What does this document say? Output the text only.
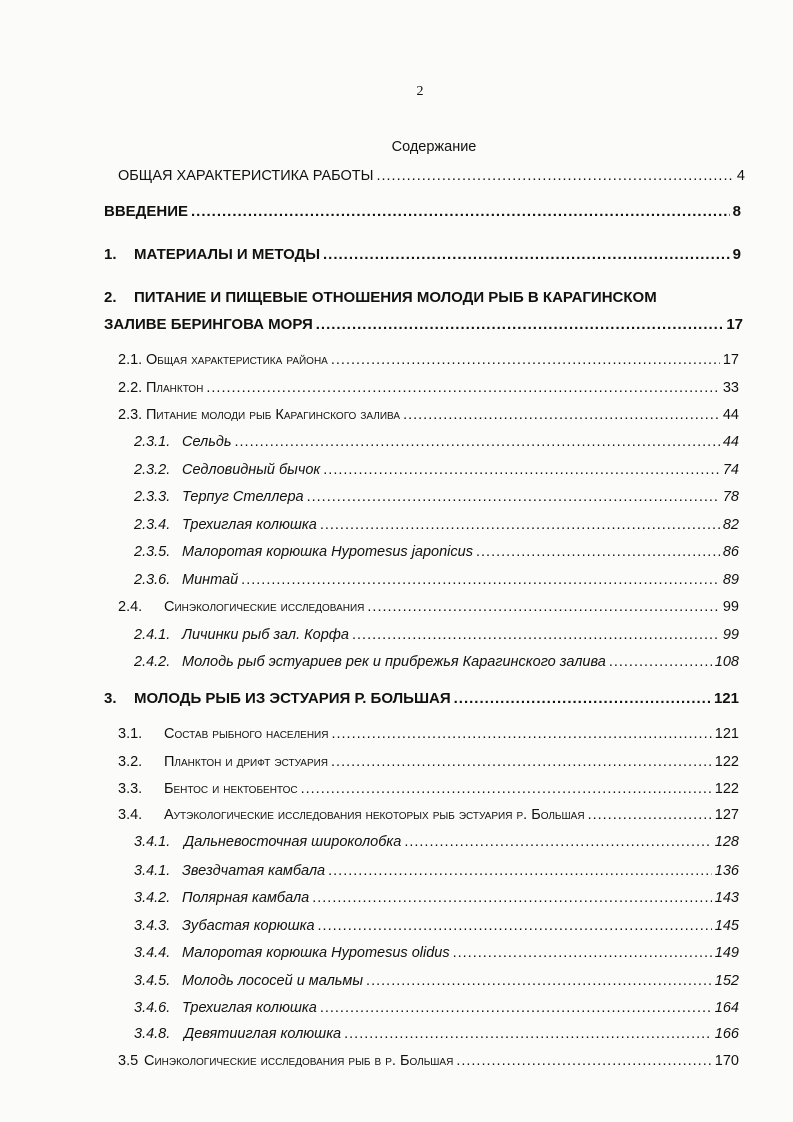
2
Содержание
ОБЩАЯ ХАРАКТЕРИСТИКА РАБОТЫ .....	4
ВВЕДЕНИЕ .....	8
1.	МАТЕРИАЛЫ И МЕТОДЫ .....	9
2. ПИТАНИЕ И ПИЩЕВЫЕ ОТНОШЕНИЯ МОЛОДИ РЫБ В КАРАГИНСКОМ
ЗАЛИВЕ БЕРИНГОВА МОРЯ .....	17
2.1. Общая характеристика района .....	17
2.2. Планктон .....	33
2.3. Питание молоди рыб Карагинского залива .....	44
2.3.1. Сельдь .....	44
2.3.2. Седловидный бычок .....	74
2.3.3. Терпуг Стеллера .....	78
2.3.4. Трехиглая колюшка .....	82
2.3.5. Малоротая корюшка Hypomesus japonicus .....	86
2.3.6. Минтай .....	89
2.4.	Синэкологические исследования .....	99
2.4.1. Личинки рыб зал. Корфа .....	99
2.4.2. Молодь рыб эстуариев рек и прибрежья Карагинского залива .....	108
3.	МОЛОДЬ РЫБ ИЗ ЭСТУАРИЯ Р. БОЛЬШАЯ .....	121
3.1.	Состав рыбного населения .....	121
3.2.	Планктон и дрифт эстуария .....	122
3.3.	Бентос и нектобентос .....	122
3.4.	Аутэкологические исследования некоторых рыб эстуария р. Большая .....	127
3.4.1. Дальневосточная широколобка .....	128
3.4.1. Звездчатая камбала .....	136
3.4.2. Полярная камбала .....	143
3.4.3. Зубастая корюшка .....	145
3.4.4. Малоротая корюшка Hypomesus olidus .....	149
3.4.5. Молодь лососей и мальмы .....	152
3.4.6. Трехиглая колюшка .....	164
3.4.8. Девятииглая колюшка .....	166
3.5 Синэкологические исследования рыб в р. Большая .....	170
